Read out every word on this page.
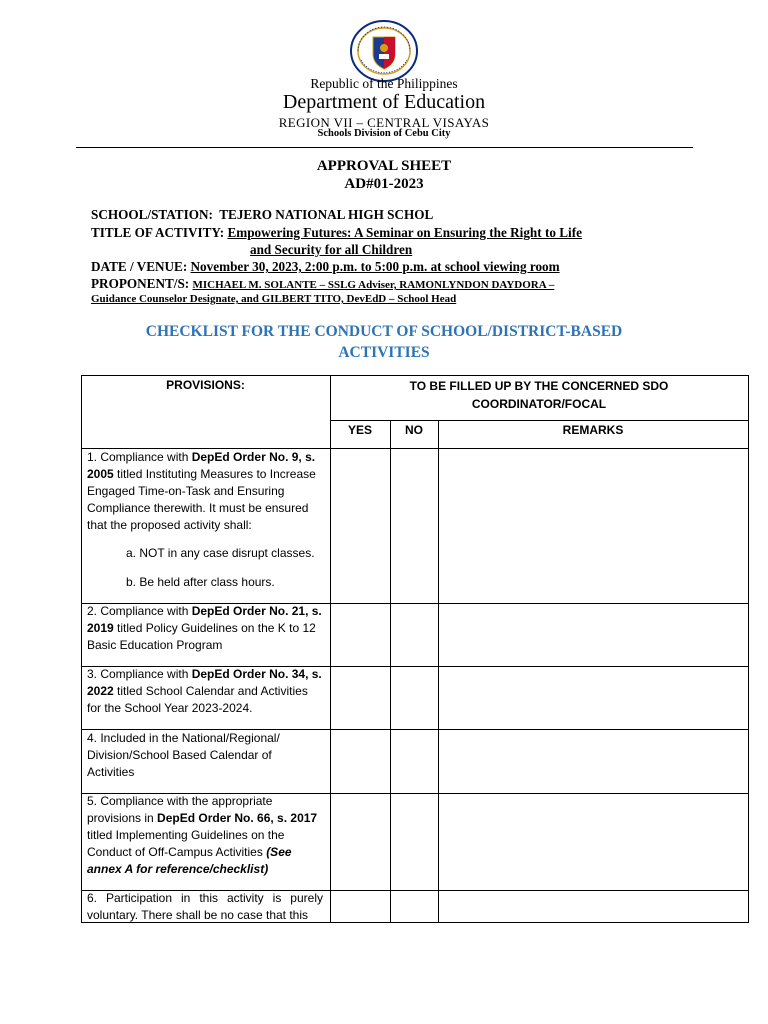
Republic of the Philippines

Department of Education

REGION VII – CENTRAL VISAYAS

Schools Division of Cebu City

APPROVAL SHEET

AD#01-2023

SCHOOL/STATION: TEJERO NATIONAL HIGH SCHOL

TITLE OF ACTIVITY: Empowering Futures: A Seminar on Ensuring the Right to Life

and Security for all Children

DATE / VENUE: November 30, 2023, 2:00 p.m. to 5:00 p.m. at school viewing room

PROPONENT/S: MICHAEL M. SOLANTE – SSLG Adviser, RAMONLYNDON DAYDORA –

Guidance Counselor Designate, and GILBERT TITO, DevEdD – School Head

CHECKLIST FOR THE CONDUCT OF SCHOOL/DISTRICT-BASED
ACTIVITIES
PROVISIONS:	TO BE FILLED UP BY THE CONCERNED SDO
COORDINATOR/FOCAL
YES	NO	REMARKS
1. Compliance with DepEd Order No. 9, s. 2005 titled Instituting Measures to Increase Engaged Time-on-Task and Ensuring Compliance therewith. It must be ensured that the proposed activity shall:
a. NOT in any case disrupt classes.
b. Be held after class hours.
2. Compliance with DepEd Order No. 21, s. 2019 titled Policy Guidelines on the K to 12 Basic Education Program
3. Compliance with DepEd Order No. 34, s. 2022 titled School Calendar and Activities for the School Year 2023-2024.
4. Included in the National/Regional/ Division/School Based Calendar of Activities
5. Compliance with the appropriate provisions in DepEd Order No. 66, s. 2017 titled Implementing Guidelines on the Conduct of Off-Campus Activities (See annex A for reference/checklist)
6. Participation in this activity is purely voluntary. There shall be no case that this
